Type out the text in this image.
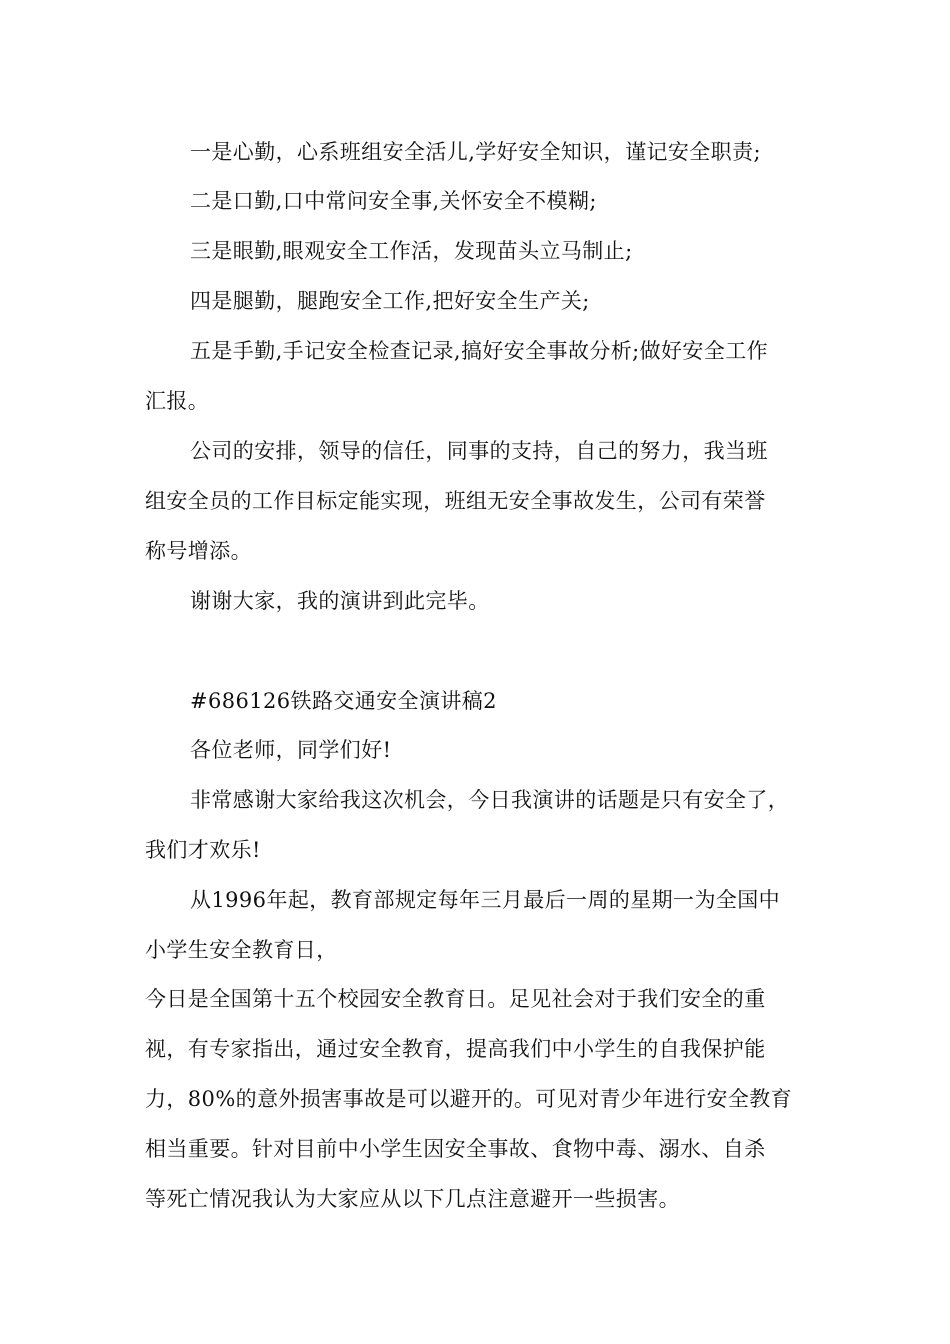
一是心勤，心系班组安全活儿,学好安全知识，谨记安全职责;
二是口勤,口中常问安全事,关怀安全不模糊;
三是眼勤,眼观安全工作活，发现苗头立马制止;
四是腿勤，腿跑安全工作,把好安全生产关;
五是手勤,手记安全检查记录,搞好安全事故分析;做好安全工作
汇报。
公司的安排，领导的信任，同事的支持，自己的努力，我当班
组安全员的工作目标定能实现，班组无安全事故发生，公司有荣誉
称号增添。
谢谢大家，我的演讲到此完毕。
#686126铁路交通安全演讲稿2
各位老师，同学们好!
非常感谢大家给我这次机会，今日我演讲的话题是只有安全了，
我们才欢乐!
从1996年起，教育部规定每年三月最后一周的星期一为全国中
小学生安全教育日，
今日是全国第十五个校园安全教育日。足见社会对于我们安全的重
视，有专家指出，通过安全教育，提高我们中小学生的自我保护能
力，80%的意外损害事故是可以避开的。可见对青少年进行安全教育
相当重要。针对目前中小学生因安全事故、食物中毒、溺水、自杀
等死亡情况我认为大家应从以下几点注意避开一些损害。
